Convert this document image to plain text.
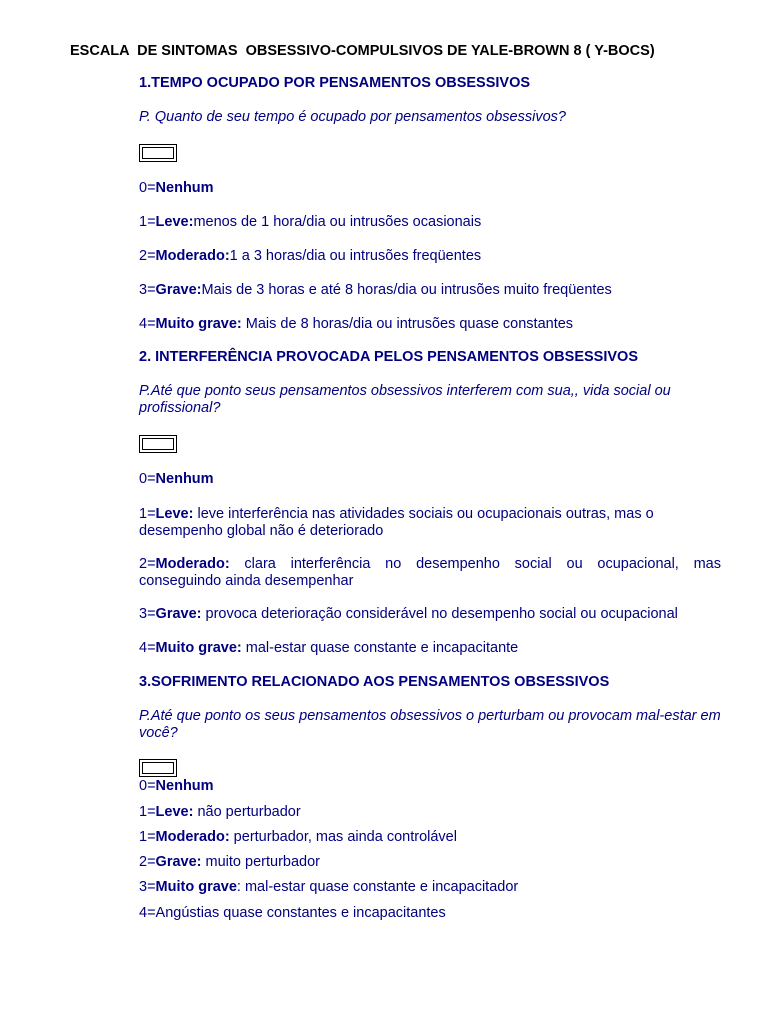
ESCALA  DE SINTOMAS  OBSESSIVO-COMPULSIVOS DE YALE-BROWN 8 ( Y-BOCS)
1.TEMPO OCUPADO POR PENSAMENTOS OBSESSIVOS
P. Quanto de seu tempo é ocupado por pensamentos obsessivos?
0=Nenhum
1=Leve:menos de 1 hora/dia ou intrusões ocasionais
2=Moderado:1 a 3 horas/dia ou intrusões freqüentes
3=Grave:Mais de 3 horas e até 8 horas/dia ou intrusões muito freqüentes
4=Muito grave: Mais de 8 horas/dia ou intrusões quase constantes
2. INTERFERÊNCIA PROVOCADA PELOS PENSAMENTOS OBSESSIVOS
P.Até que ponto seus pensamentos obsessivos interferem com sua,, vida social ou profissional?
0=Nenhum
1=Leve: leve interferência nas atividades sociais ou ocupacionais outras, mas o desempenho global não é deteriorado
2=Moderado: clara interferência no desempenho social ou ocupacional, mas conseguindo ainda desempenhar
3=Grave: provoca deterioração considerável no desempenho social ou ocupacional
4=Muito grave: mal-estar quase constante e incapacitante
3.SOFRIMENTO RELACIONADO AOS PENSAMENTOS OBSESSIVOS
P.Até que ponto os seus pensamentos obsessivos o perturbam ou provocam mal-estar em você?
0=Nenhum
1=Leve: não perturbador
1=Moderado: perturbador, mas ainda controlável
2=Grave: muito perturbador
3=Muito grave: mal-estar quase constante e incapacitador
4=Angústias quase constantes e incapacitantes
